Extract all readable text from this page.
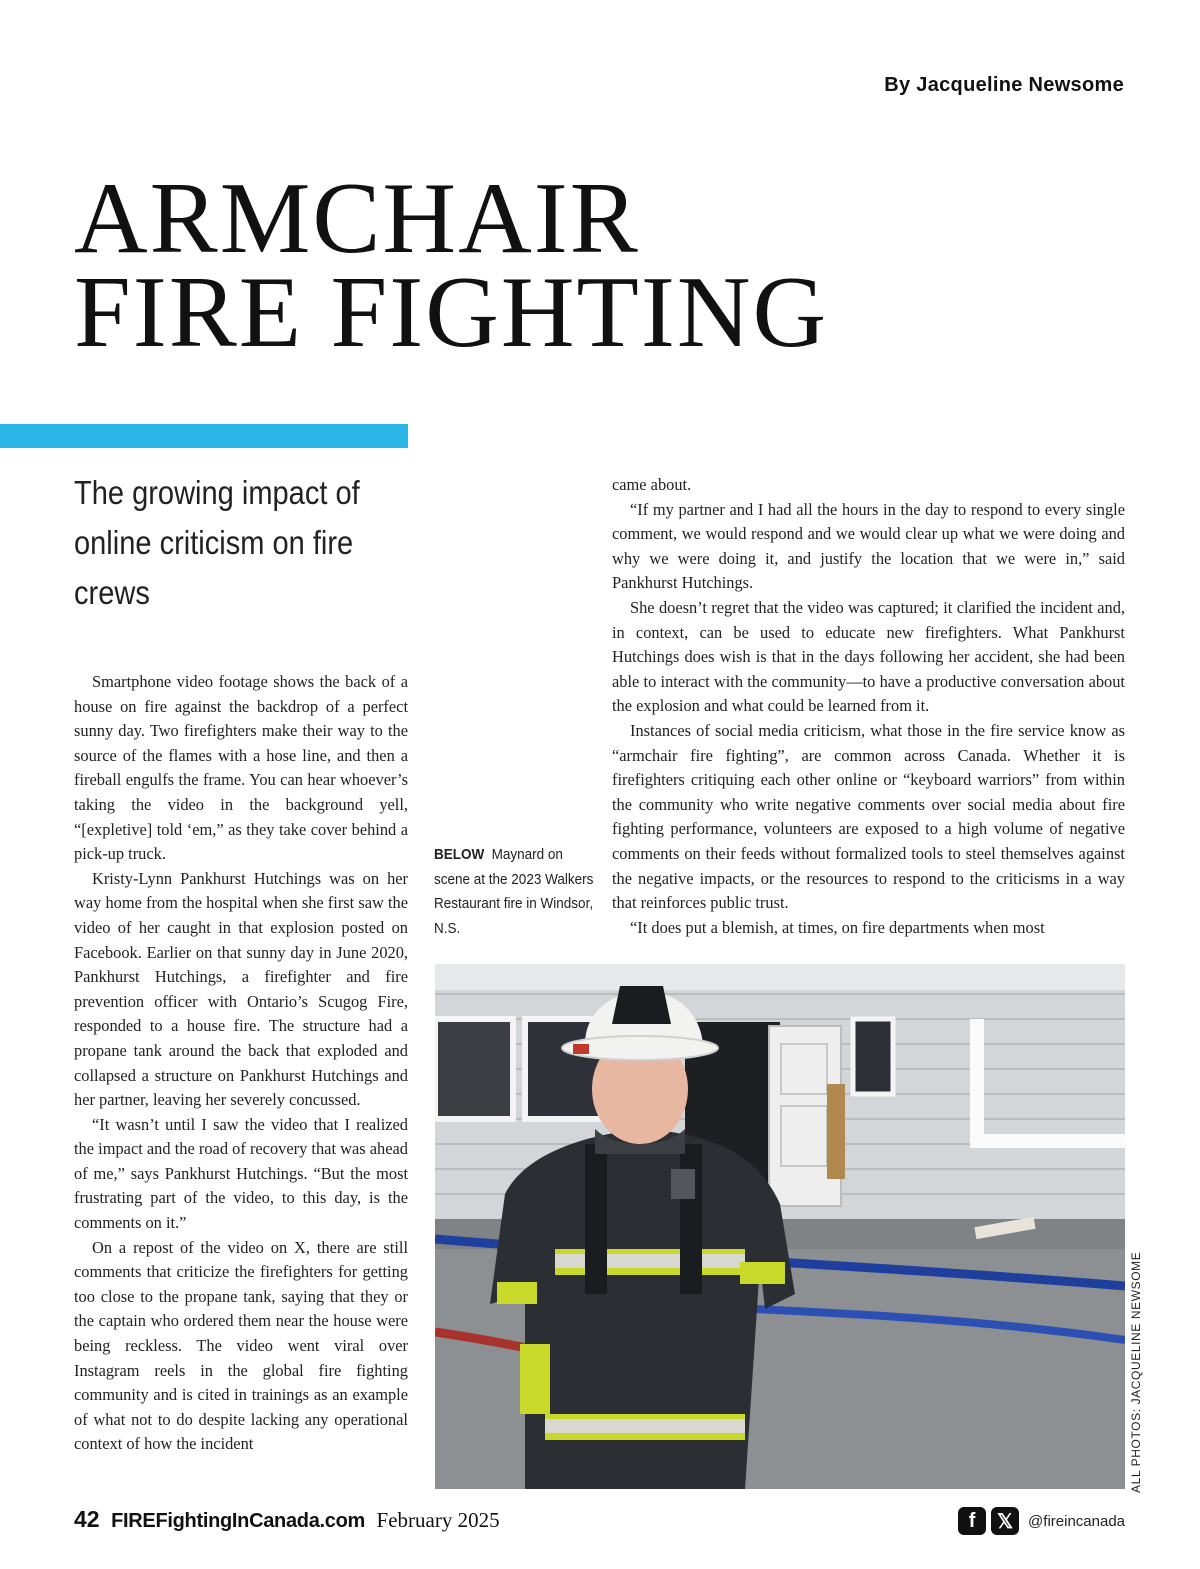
By Jacqueline Newsome
ARMCHAIR
FIRE FIGHTING
The growing impact of online criticism on fire crews

Smartphone video footage shows the back of a house on fire against the backdrop of a perfect sunny day. Two firefighters make their way to the source of the flames with a hose line, and then a fireball engulfs the frame. You can hear whoever’s taking the video in the background yell, “[expletive] told ‘em,” as they take cover behind a pick-up truck.

Kristy-Lynn Pankhurst Hutchings was on her way home from the hospital when she first saw the video of her caught in that explosion posted on Facebook. Earlier on that sunny day in June 2020, Pankhurst Hutchings, a firefighter and fire prevention officer with Ontario’s Scugog Fire, responded to a house fire. The structure had a propane tank around the back that exploded and collapsed a structure on Pankhurst Hutchings and her partner, leaving her severely concussed.

“It wasn’t until I saw the video that I realized the impact and the road of recovery that was ahead of me,” says Pankhurst Hutchings. “But the most frustrating part of the video, to this day, is the comments on it.”

On a repost of the video on X, there are still comments that criticize the firefighters for getting too close to the propane tank, saying that they or the captain who ordered them near the house were being reckless. The video went viral over Instagram reels in the global fire fighting community and is cited in trainings as an example of what not to do despite lacking any operational context of how the incident

came about.

“If my partner and I had all the hours in the day to respond to every single comment, we would respond and we would clear up what we were doing and why we were doing it, and justify the location that we were in,” said Pankhurst Hutchings.

She doesn’t regret that the video was captured; it clarified the incident and, in context, can be used to educate new firefighters. What Pankhurst Hutchings does wish is that in the days following her accident, she had been able to interact with the community—to have a productive conversation about the explosion and what could be learned from it.

Instances of social media criticism, what those in the fire service know as “armchair fire fighting”, are common across Canada. Whether it is firefighters critiquing each other online or “keyboard warriors” from within the community who write negative comments over social media about fire fighting performance, volunteers are exposed to a high volume of negative comments on their feeds without formalized tools to steel themselves against the negative impacts, or the resources to respond to the criticisms in a way that reinforces public trust.

“It does put a blemish, at times, on fire departments when most

BELOW Maynard on scene at the 2023 Walkers Restaurant fire in Windsor, N.S.
ALL PHOTOS: JACQUELINE NEWSOME
42 FIREFightingInCanada.com February 2025	f	𝕏 @fireincanada
